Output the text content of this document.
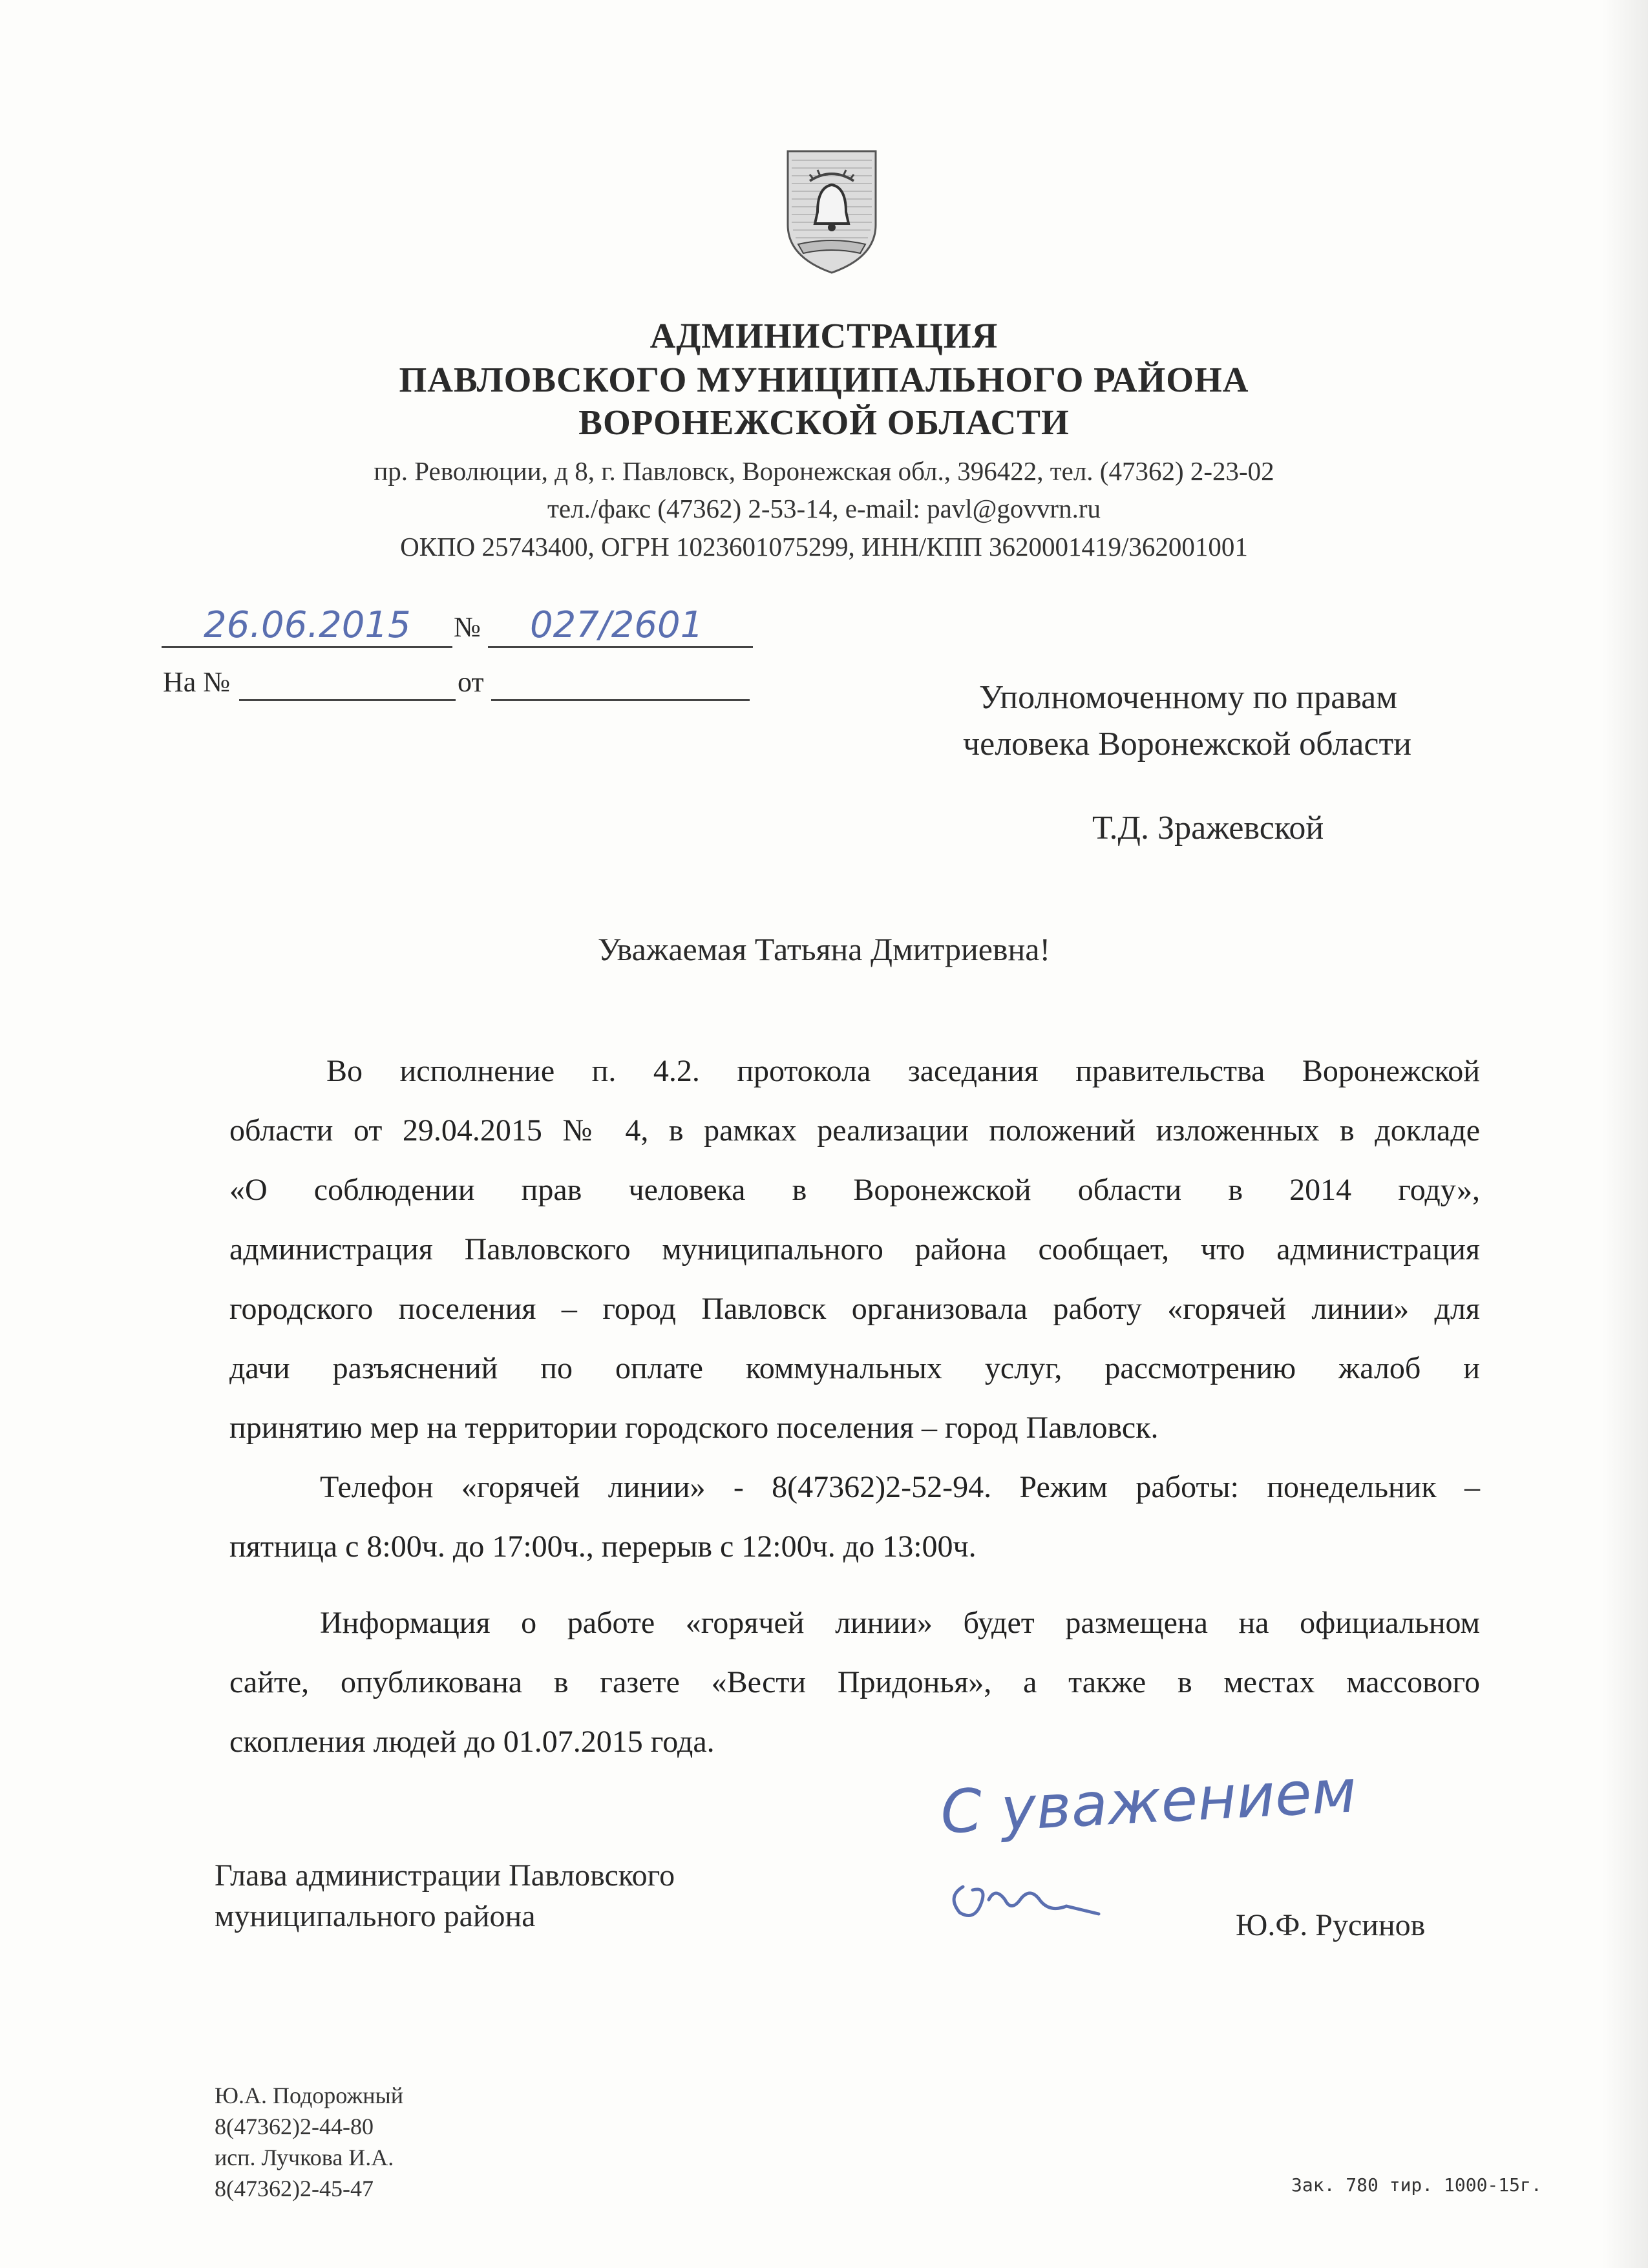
АДМИНИСТРАЦИЯ
ПАВЛОВСКОГО МУНИЦИПАЛЬНОГО РАЙОНА
ВОРОНЕЖСКОЙ ОБЛАСТИ
пр. Революции, д 8, г. Павловск, Воронежская обл., 396422, тел. (47362) 2-23-02
тел./факс (47362) 2-53-14, e-mail: pavl@govvrn.ru
ОКПО 25743400, ОГРН 1023601075299, ИНН/КПП 3620001419/362001001
26.06.2015 № 027/2601
На №	от	Уполномоченному по правам
человека Воронежской области
Т.Д. Зражевской
Уважаемая Татьяна Дмитриевна!
Во исполнение п. 4.2. протокола заседания правительства Воронежской
области от 29.04.2015 № 4, в рамках реализации положений изложенных в докладе
«О соблюдении прав человека в Воронежской области в 2014 году»,
администрация Павловского муниципального района сообщает, что администрация
городского поселения – город Павловск организовала работу «горячей линии» для
дачи разъяснений по оплате коммунальных услуг, рассмотрению жалоб и
принятию мер на территории городского поселения – город Павловск.
Телефон «горячей линии» - 8(47362)2-52-94. Режим работы: понедельник –
пятница с 8:00ч. до 17:00ч., перерыв с 12:00ч. до 13:00ч.
Информация о работе «горячей линии» будет размещена на официальном
сайте, опубликована в газете «Вести Придонья», а также в местах массового
скопления людей до 01.07.2015 года.
С уважением
Глава администрации Павловского
муниципального района	Ю.Ф. Русинов
Ю.А. Подорожный
8(47362)2-44-80
исп. Лучкова И.А.
8(47362)2-45-47	Зак. 780 тир. 1000-15г.
